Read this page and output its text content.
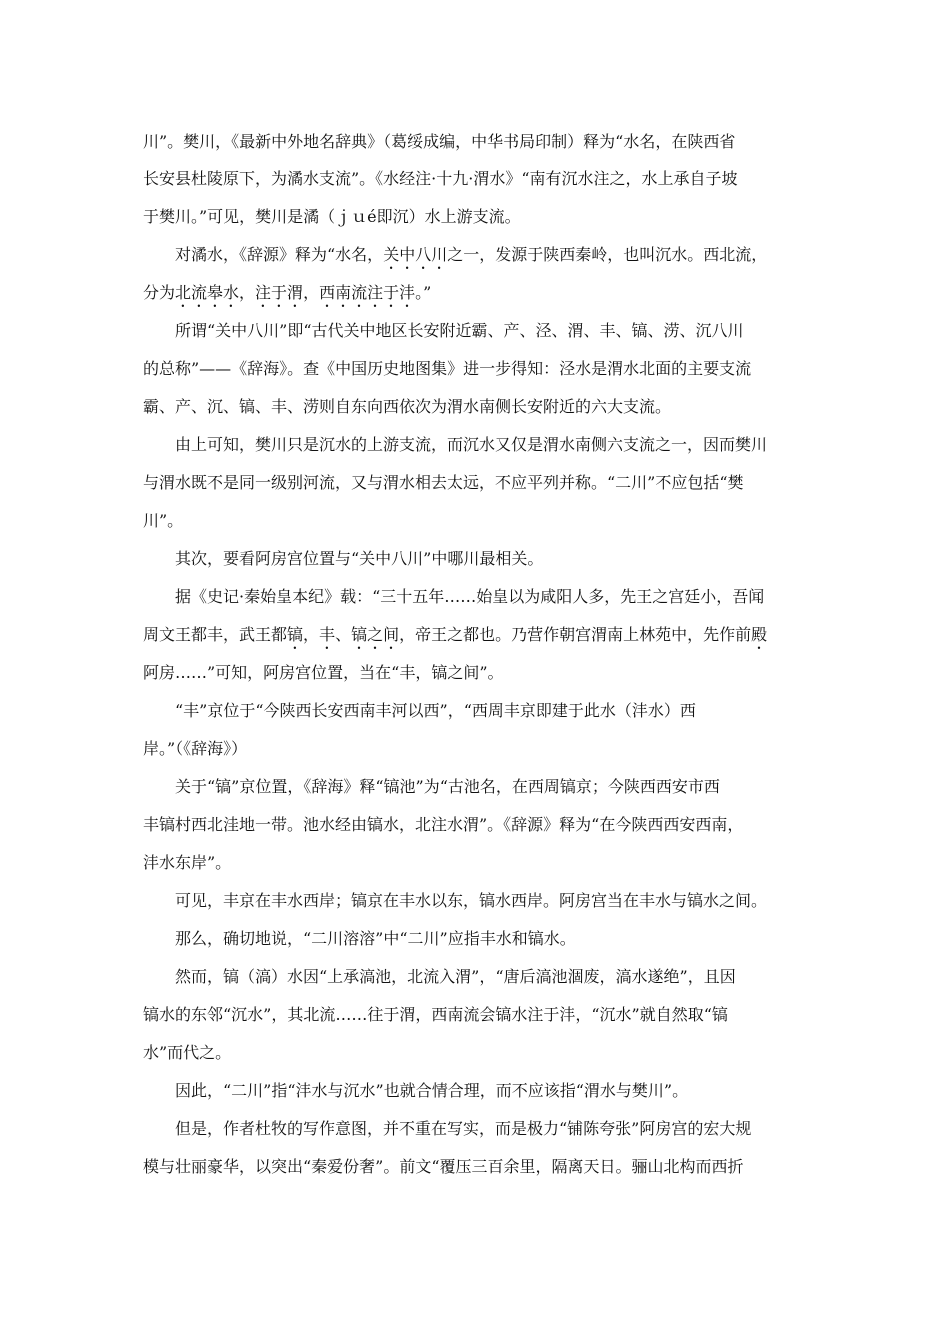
川”。樊川，《最新中外地名辞典》（葛绥成编，中华书局印制）释为“水名，在陕西省
长安县杜陵原下，为潏水支流”。《水经注·十九·渭水》“南有沉水注之，水上承自子坡
于樊川。”可见，樊川是潏（ｊｕé即沉）水上游支流。
对潏水，《辞源》释为“水名，关中八川之一，发源于陕西秦岭，也叫沉水。西北流，
分为北流皋水，注于渭，西南流注于沣。”
所谓“关中八川”即“古代关中地区长安附近霸、产、泾、渭、丰、镐、涝、沉八川
的总称”——《辞海》。查《中国历史地图集》进一步得知：泾水是渭水北面的主要支流
霸、产、沉、镐、丰、涝则自东向西依次为渭水南侧长安附近的六大支流。
由上可知，樊川只是沉水的上游支流，而沉水又仅是渭水南侧六支流之一，因而樊川
与渭水既不是同一级别河流，又与渭水相去太远，不应平列并称。“二川”不应包括“樊
川”。
其次，要看阿房宫位置与“关中八川”中哪川最相关。
据《史记·秦始皇本纪》载：“三十五年……始皇以为咸阳人多，先王之宫廷小，吾闻
周文王都丰，武王都镐，丰、镐之间，帝王之都也。乃营作朝宫渭南上林苑中，先作前殿
阿房……”可知，阿房宫位置，当在“丰，镐之间”。
“丰”京位于“今陕西长安西南丰河以西”，“西周丰京即建于此水（沣水）西
岸。”（《辞海》）
关于“镐”京位置，《辞海》释“镐池”为“古池名，在西周镐京；今陕西西安市西
丰镐村西北洼地一带。池水经由镐水，北注水渭”。《辞源》释为“在今陕西西安西南，
沣水东岸”。
可见，丰京在丰水西岸；镐京在丰水以东，镐水西岸。阿房宫当在丰水与镐水之间。
那么，确切地说，“二川溶溶”中“二川”应指丰水和镐水。
然而，镐（滈）水因“上承滈池，北流入渭”，“唐后滈池涸废，滈水遂绝”，且因
镐水的东邻“沉水”，其北流……往于渭，西南流会镐水注于沣，“沉水”就自然取“镐
水”而代之。
因此，“二川”指“沣水与沉水”也就合情合理，而不应该指“渭水与樊川”。
但是，作者杜牧的写作意图，并不重在写实，而是极力“铺陈夸张”阿房宫的宏大规
模与壮丽豪华，以突出“秦爱份奢”。前文“覆压三百余里，隔离天日。骊山北构而西折
